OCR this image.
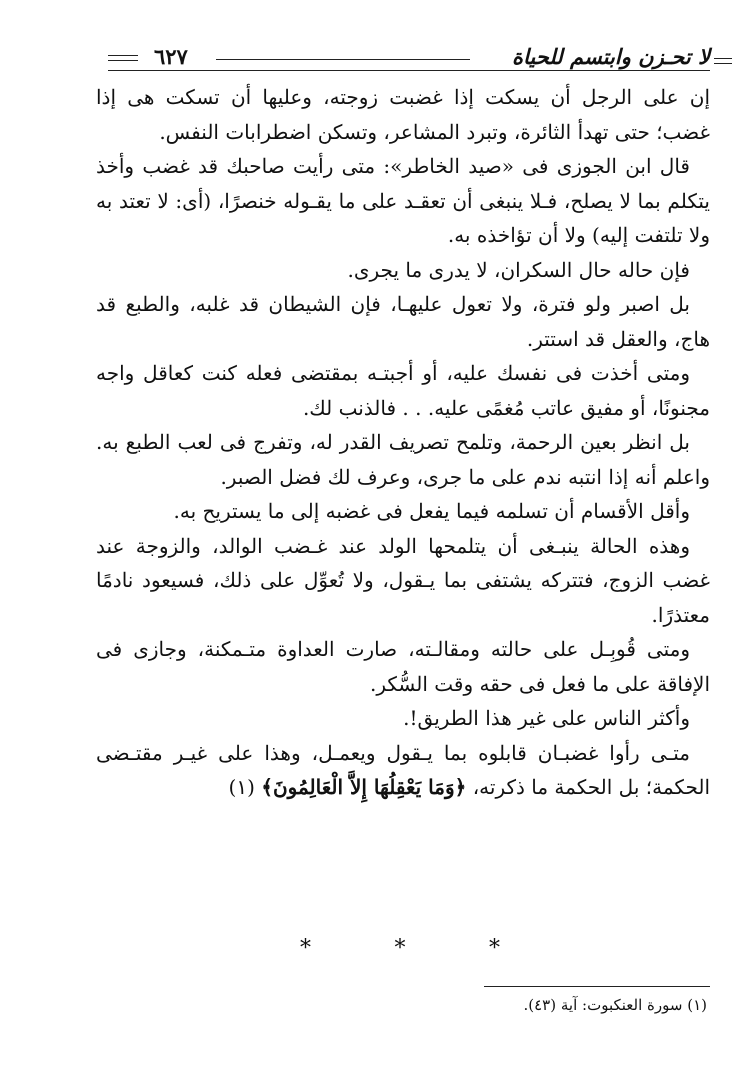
لا تحـزن وابتسم للحياة
٦٢٧

إن على الرجل أن يسكت إذا غضبت زوجته، وعليها أن تسكت هى إذا غضب؛ حتى تهدأ الثائرة، وتبرد المشاعر، وتسكن اضطرابات النفس.

قال ابن الجوزى فى «صيد الخاطر»: متى رأيت صاحبك قد غضب وأخذ يتكلم بما لا يصلح، فـلا ينبغى أن تعقـد على ما يقـوله خنصرًا، (أى: لا تعتد به ولا تلتفت إليه) ولا أن تؤاخذه به.

فإن حاله حال السكران، لا يدرى ما يجرى.

بل اصبر ولو فترة، ولا تعول عليهـا، فإن الشيطان قد غلبه، والطبع قد هاج، والعقل قد استتر.

ومتى أخذت فى نفسك عليه، أو أجبتـه بمقتضى فعله كنت كعاقل واجه مجنونًا، أو مفيق عاتب مُغمًى عليه. . . فالذنب لك.

بل انظر بعين الرحمة، وتلمح تصريف القدر له، وتفرج فى لعب الطبع به. واعلم أنه إذا انتبه ندم على ما جرى، وعرف لك فضل الصبر.

وأقل الأقسام أن تسلمه فيما يفعل فى غضبه إلى ما يستريح به.

وهذه الحالة ينبـغى أن يتلمحها الولد عند غـضب الوالد، والزوجة عند غضب الزوج، فتتركه يشتفى بما يـقول، ولا تُعوِّل على ذلك، فسيعود نادمًا معتذرًا.

ومتى قُوبِـل على حالته ومقالـته، صارت العداوة متـمكنة، وجازى فى الإفاقة على ما فعل فى حقه وقت السُّكر.

وأكثر الناس على غير هذا الطريق!.

متـى رأوا غضبـان قابلوه بما يـقول ويعمـل، وهذا على غيـر مقتـضى الحكمة؛ بل الحكمة ما ذكرته، ﴿وَمَا يَعْقِلُهَا إِلاَّ الْعَالِمُونَ﴾ (١)

*
*
*
(١) سورة العنكبوت: آية (٤٣).
